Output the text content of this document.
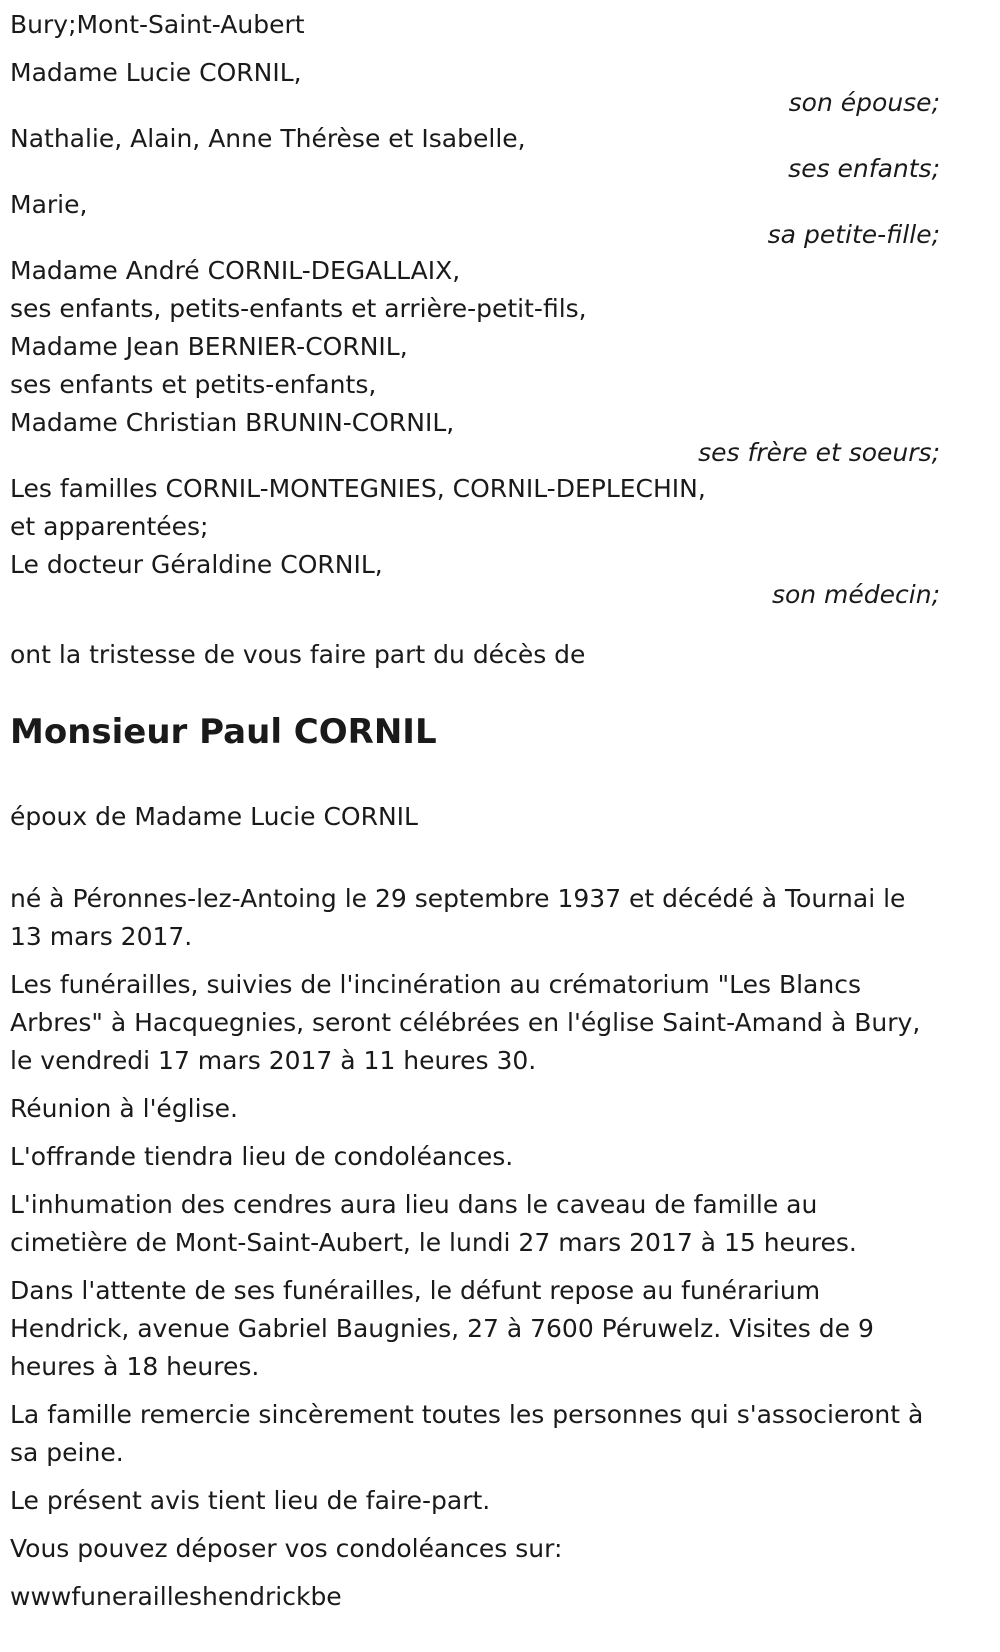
Bury;Mont-Saint-Aubert
Madame Lucie CORNIL,
son épouse;
Nathalie, Alain, Anne Thérèse et Isabelle,
ses enfants;
Marie,
sa petite-fille;
Madame André CORNIL-DEGALLAIX,
ses enfants, petits-enfants et arrière-petit-fils,
Madame Jean BERNIER-CORNIL,
ses enfants et petits-enfants,
Madame Christian BRUNIN-CORNIL,
ses frère et soeurs;
Les familles CORNIL-MONTEGNIES, CORNIL-DEPLECHIN,
et apparentées;
Le docteur Géraldine CORNIL,
son médecin;
ont la tristesse de vous faire part du décès de
Monsieur Paul CORNIL
époux de Madame Lucie CORNIL
né à Péronnes-lez-Antoing le 29 septembre 1937 et décédé à Tournai le 13 mars 2017.
Les funérailles, suivies de l'incinération au crématorium "Les Blancs Arbres" à Hacquegnies, seront célébrées en l'église Saint-Amand à Bury, le vendredi 17 mars 2017 à 11 heures 30.
Réunion à l'église.
L'offrande tiendra lieu de condoléances.
L'inhumation des cendres aura lieu dans le caveau de famille au cimetière de Mont-Saint-Aubert, le lundi 27 mars 2017 à 15 heures.
Dans l'attente de ses funérailles, le défunt repose au funérarium Hendrick, avenue Gabriel Baugnies, 27 à 7600 Péruwelz. Visites de 9 heures à 18 heures.
La famille remercie sincèrement toutes les personnes qui s'associeront à sa peine.
Le présent avis tient lieu de faire-part.
Vous pouvez déposer vos condoléances sur:
wwwfunerailleshendrickbe
